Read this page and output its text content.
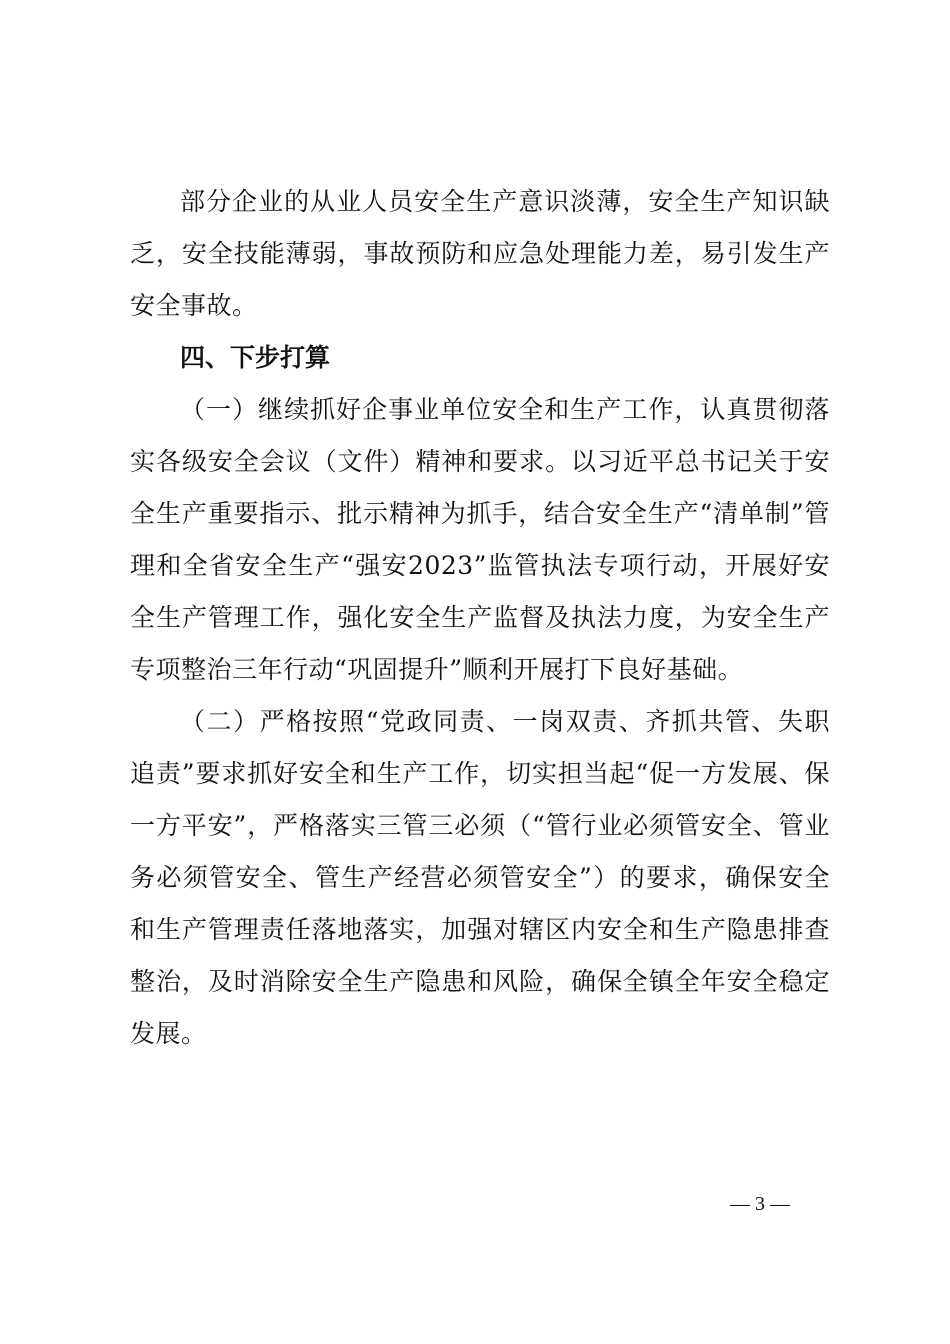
部分企业的从业人员安全生产意识淡薄，安全生产知识缺乏，安全技能薄弱，事故预防和应急处理能力差，易引发生产安全事故。

四、下步打算

（一）继续抓好企事业单位安全和生产工作，认真贯彻落实各级安全会议（文件）精神和要求。以习近平总书记关于安全生产重要指示、批示精神为抓手，结合安全生产“清单制”管理和全省安全生产“强安2023”监管执法专项行动，开展好安全生产管理工作，强化安全生产监督及执法力度，为安全生产专项整治三年行动“巩固提升”顺利开展打下良好基础。

（二）严格按照“党政同责、一岗双责、齐抓共管、失职追责”要求抓好安全和生产工作，切实担当起“促一方发展、保一方平安”，严格落实三管三必须（“管行业必须管安全、管业务必须管安全、管生产经营必须管安全”）的要求，确保安全和生产管理责任落地落实，加强对辖区内安全和生产隐患排查整治，及时消除安全生产隐患和风险，确保全镇全年安全稳定发展。

— 3 —
